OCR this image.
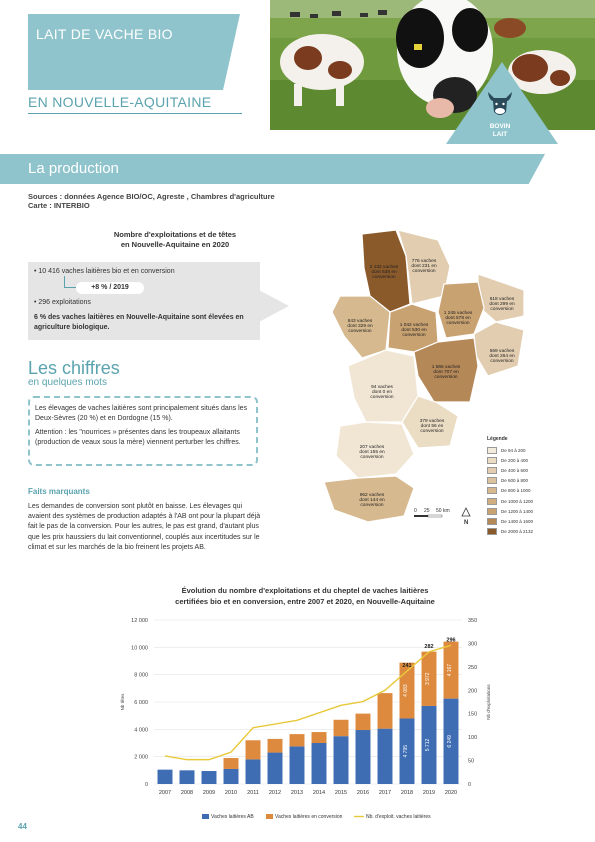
LAIT DE VACHE BIO
EN NOUVELLE-AQUITAINE
BOVIN
LAIT
La production
Sources : données Agence BIO/OC, Agreste , Chambres d'agriculture
Carte : INTERBIO
Nombre d'exploitations et de têtes
en Nouvelle-Aquitaine en 2020
• 10 416 vaches laitières bio et en conversion
+8 % / 2019
• 296 exploitations
6 % des vaches laitières en Nouvelle-Aquitaine sont élevées en agriculture biologique.
Les chiffres
en quelques mots
Les élevages de vaches laitières sont principalement situés dans les Deux-Sèvres (20 %) et en Dordogne (15 %).
Attention : les "nourrices » présentes dans les troupeaux allaitants (production de veaux sous la mère) viennent perturber les chiffres.
Faits marquants
Les demandes de conversion sont plutôt en baisse. Les élevages qui avaient des systèmes de production adaptés à l'AB ont pour la plupart déjà fait le pas de la conversion. Pour les autres, le pas est grand, d'autant plus que les prix haussiers du lait conventionnel, couplés aux incertitudes sur le climat et sur les marchés de la bio freinent les projets AB.
2 132 vaches dont 638 en conversion
776 vaches dont 231 en conversion
618 vaches dont 299 en conversion
843 vaches dont 329 en conversion
1 042 vaches dont 530 en conversion
1 245 vaches dont 578 en conversion
569 vaches dont 264 en conversion
1 566 vaches dont 707 en conversion
94 vaches dont 0 en conversion
379 vaches dont 56 en conversion
207 vaches dont 155 en conversion
962 vaches dont 144 en conversion
Légende
De 94 à 200
De 200 à 400
De 400 à 600
De 600 à 800
De 800 à 1000
De 1000 à 1200
De 1200 à 1400
De 1400 à 1600
De 2000 à 2132
0 25 50 km
N
Évolution du nombre d'exploitations et du cheptel de vaches laitières
certifiées bio et en conversion, entre 2007 et 2020, en Nouvelle-Aquitaine
0
2 000
4 000
6 000
8 000
10 000
12 000
0
50
100
150
200
250
300
350
Nb têtes	Nb d'exploitations
2007 2008 2009 2010 2011 2012 2013 2014 2015 2016 2017 2018 2019 2020
4 795
4 083
241
5 712
3 972
282
6 249
4 167
296
Vaches laitières AB	Vaches laitières en conversion	Nb. d'exploit. vaches laitières
44
